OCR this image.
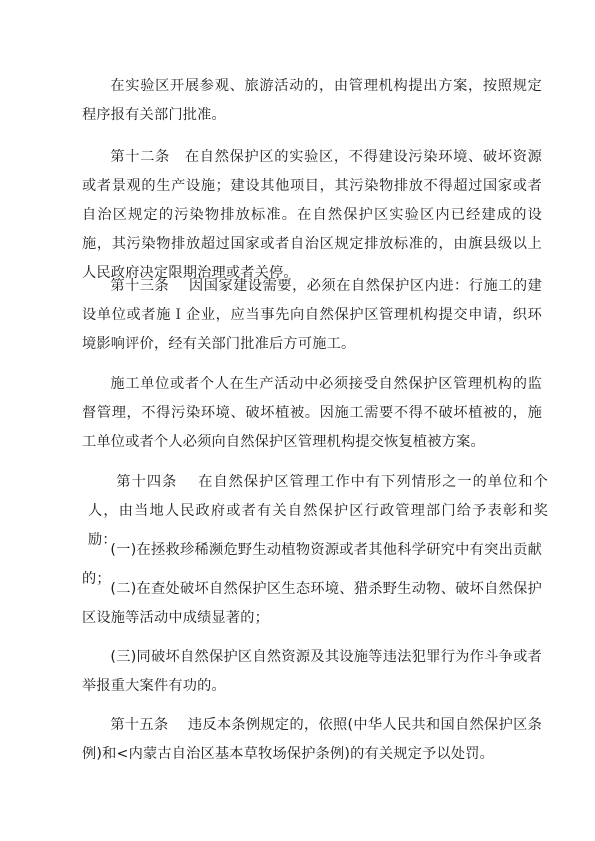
在实验区开展参观、旅游活动的，由管理机构提出方案，按照规定程序报有关部门批准。

第十二条　在自然保护区的实验区，不得建设污染环境、破坏资源或者景观的生产设施；建设其他项目，其污染物排放不得超过国家或者自治区规定的污染物排放标准。在自然保护区实验区内已经建成的设施，其污染物排放超过国家或者自治区规定排放标准的，由旗县级以上人民政府决定限期治理或者关停。

第十三条　 因国家建设需要，必须在自然保护区内进：行施工的建设单位或者施Ｉ企业，应当事先向自然保护区管理机构提交申请，织环境影响评价，经有关部门批准后方可施工。

施工单位或者个人在生产活动中必须接受自然保护区管理机构的监督管理，不得污染环境、破坏植被。因施工需要不得不破坏植被的，施工单位或者个人必须向自然保护区管理机构提交恢复植被方案。

第十四条　 在自然保护区管理工作中有下列情形之一的单位和个人，由当地人民政府或者有关自然保护区行政管理部门给予表彰和奖励：

(一)在拯救珍稀濒危野生动植物资源或者其他科学研究中有突出贡献的；

(二)在查处破坏自然保护区生态环境、猎杀野生动物、破坏自然保护区设施等活动中成绩显著的；

(三)同破坏自然保护区自然资源及其设施等违法犯罪行为作斗争或者举报重大案件有功的。

第十五条　 违反本条例规定的，依照(中华人民共和国自然保护区条例)和<内蒙古自治区基本草牧场保护条例)的有关规定予以处罚。
